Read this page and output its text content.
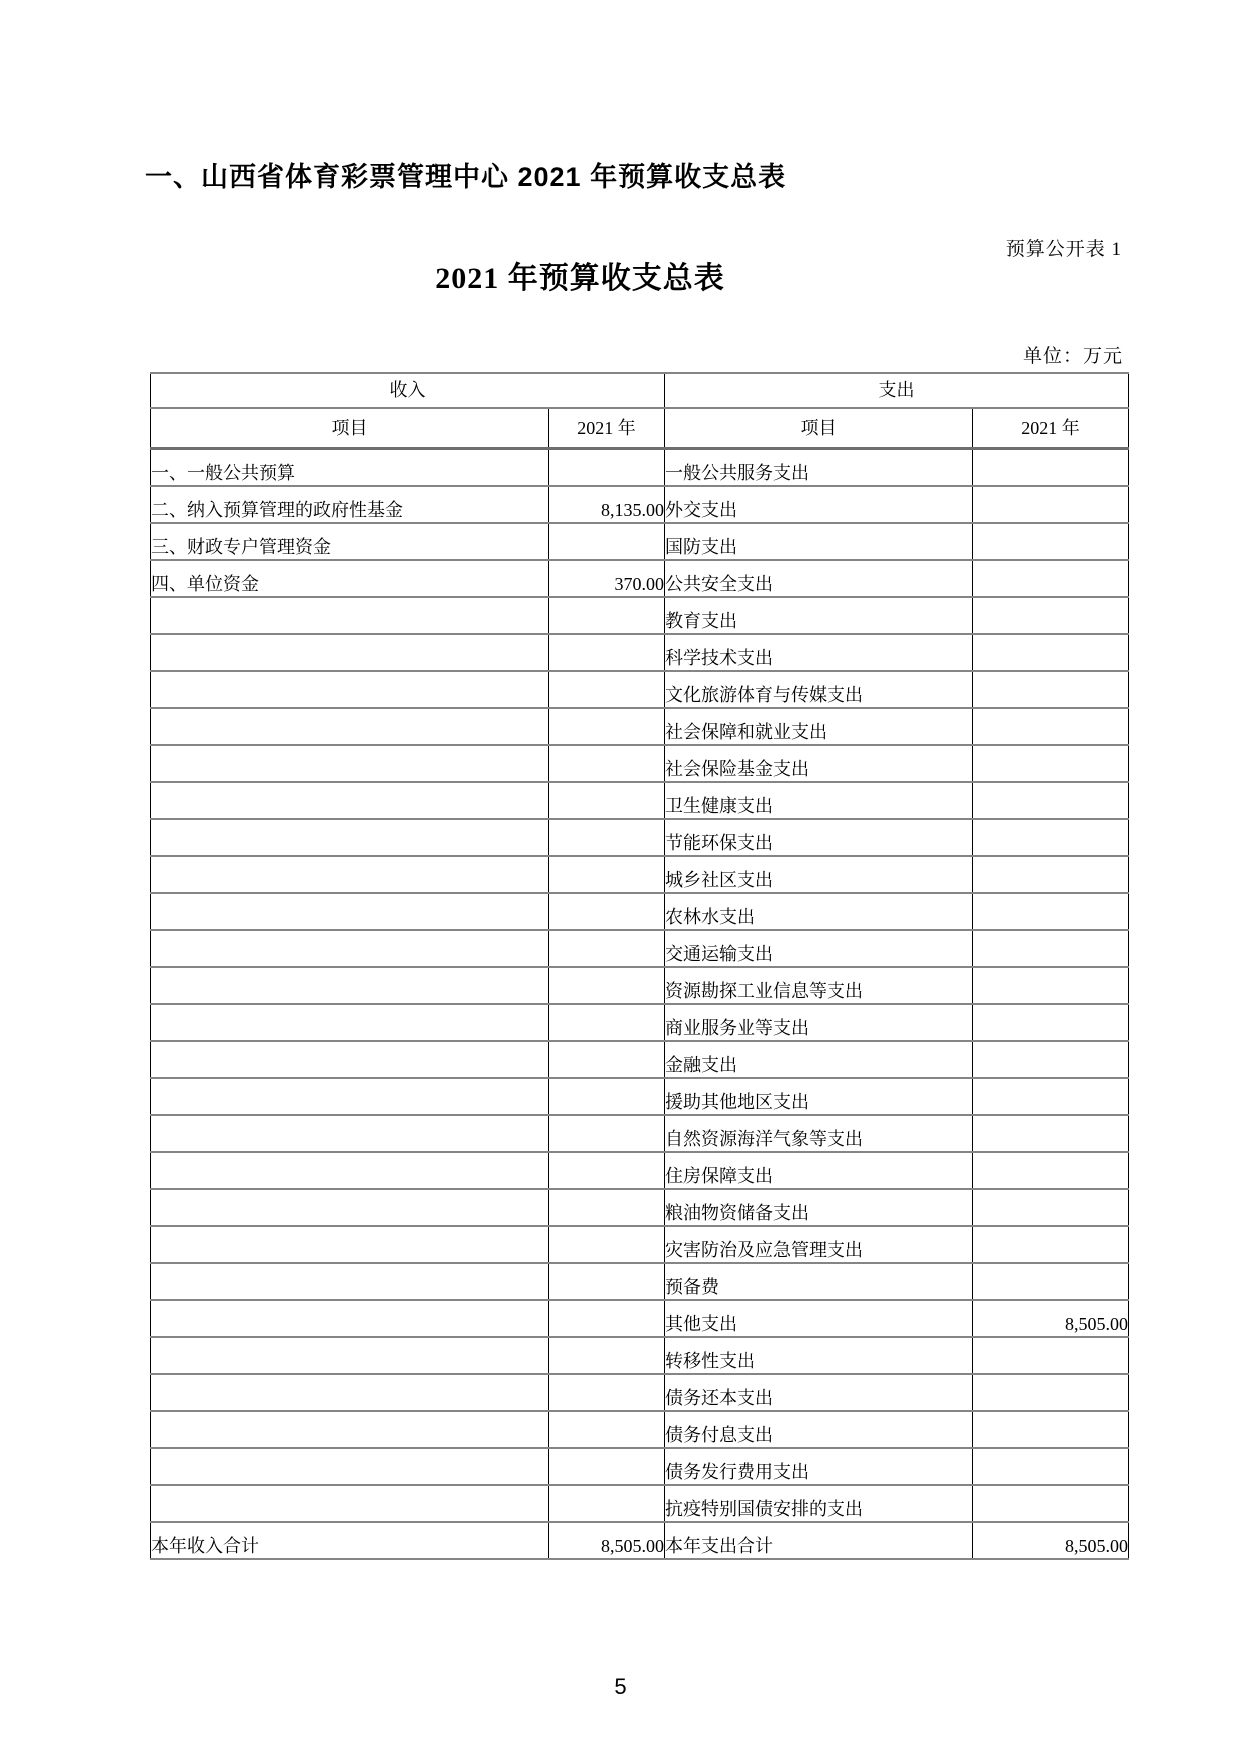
一、山西省体育彩票管理中心 2021 年预算收支总表
预算公开表 1
2021 年预算收支总表
单位：万元
收入		支出	
项目	2021 年	项目	2021 年
一、一般公共预算		一般公共服务支出	
二、纳入预算管理的政府性基金	8,135.00	外交支出	
三、财政专户管理资金		国防支出	
四、单位资金	370.00	公共安全支出	
		教育支出	
		科学技术支出	
		文化旅游体育与传媒支出	
		社会保障和就业支出	
		社会保险基金支出	
		卫生健康支出	
		节能环保支出	
		城乡社区支出	
		农林水支出	
		交通运输支出	
		资源勘探工业信息等支出	
		商业服务业等支出	
		金融支出	
		援助其他地区支出	
		自然资源海洋气象等支出	
		住房保障支出	
		粮油物资储备支出	
		灾害防治及应急管理支出	
		预备费	
		其他支出	8,505.00
		转移性支出	
		债务还本支出	
		债务付息支出	
		债务发行费用支出	
		抗疫特别国债安排的支出	
本年收入合计	8,505.00	本年支出合计	8,505.00
5
